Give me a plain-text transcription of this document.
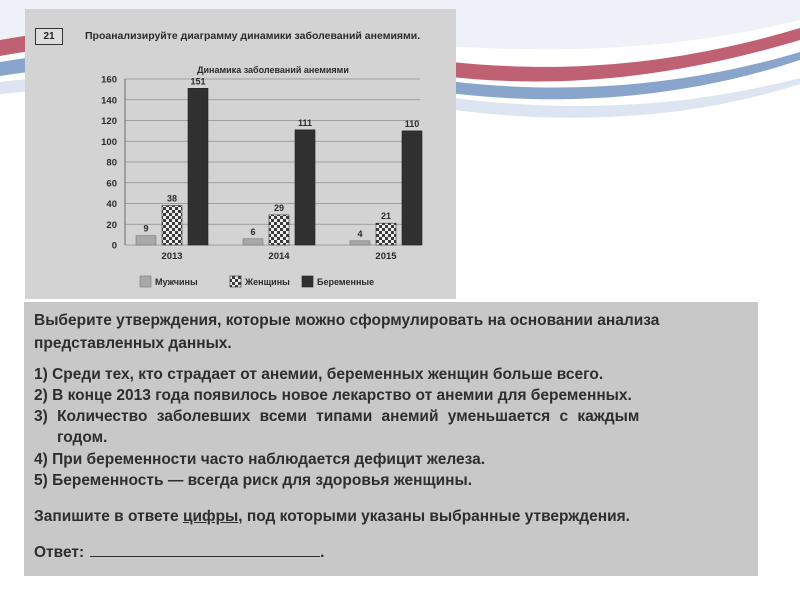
21	Проанализируйте диаграмму динамики заболеваний анемиями.
Динамика заболеваний анемиями
0
20
40
60
80
100
120
140
160
9
38
151
2013
6
29
111
2014
4
21
110
2015
Мужчины	Женщины	Беременные
Выберите утверждения, которые можно сформулировать на основании анализа
представленных данных.
1) Среди тех, кто страдает от анемии, беременных женщин больше всего.
2) В конце 2013 года появилось новое лекарство от анемии для беременных.
3) Количество заболевших всеми типами анемий уменьшается с каждым
годом.
4) При беременности часто наблюдается дефицит железа.
5) Беременность — всегда риск для здоровья женщины.
Запишите в ответе цифры, под которыми указаны выбранные утверждения.
Ответ:	.
